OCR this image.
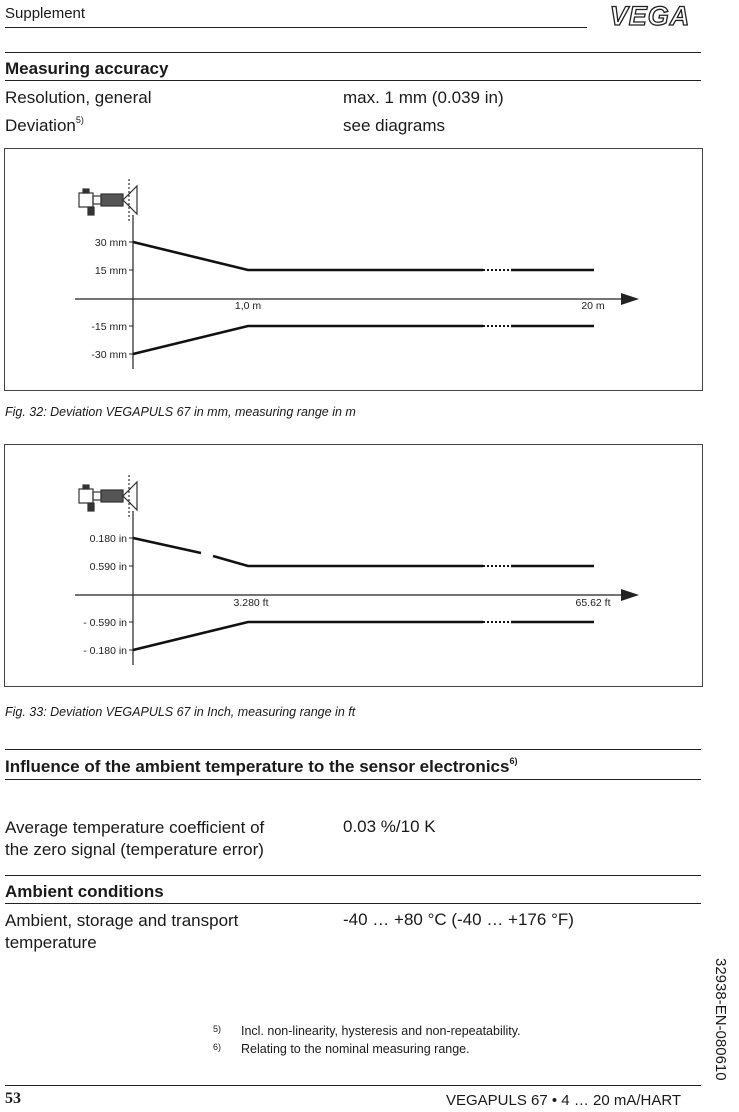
Supplement	VEGA
Measuring accuracy
Resolution, general	max. 1 mm (0.039 in)
Deviation$^{5)}$	see diagrams
30 mm
15 mm
-15 mm
-30 mm
1,0 m	20 m
Fig. 32: Deviation VEGAPULS 67 in mm, measuring range in m
0.180 in
0.590 in
- 0.590 in
- 0.180 in
3.280 ft	65.62 ft
Fig. 33: Deviation VEGAPULS 67 in Inch, measuring range in ft
Influence of the ambient temperature to the sensor electronics$^{6)}$
Average temperature coefficient of
the zero signal (temperature error)
0.03 %/10 K
Ambient conditions
Ambient, storage and transport
temperature
-40 … +80 °C (-40 … +176 °F)
32938-EN-080610
5) Incl. non-linearity, hysteresis and non-repeatability.
6) Relating to the nominal measuring range.
53	VEGAPULS 67 • 4 … 20 mA/HART
